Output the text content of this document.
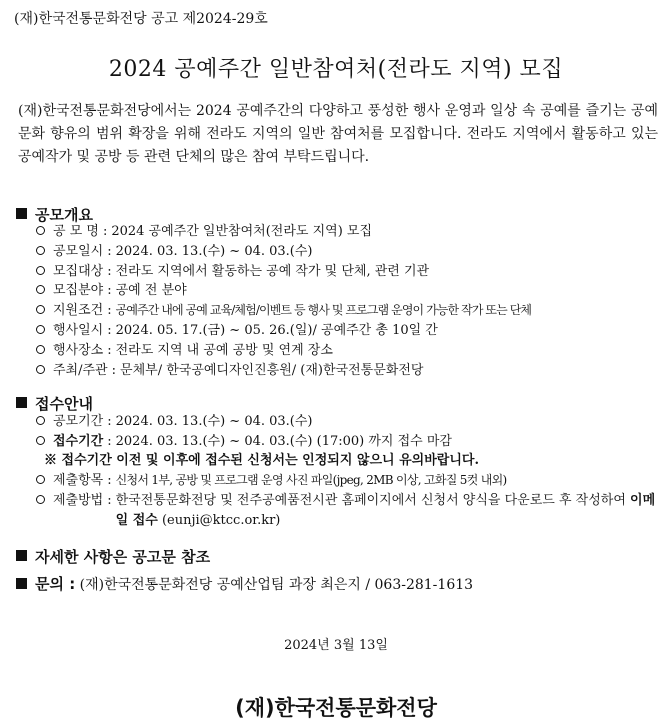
(재)한국전통문화전당 공고 제2024-29호
2024 공예주간 일반참여처(전라도 지역) 모집
(재)한국전통문화전당에서는 2024 공예주간의 다양하고 풍성한 행사 운영과 일상 속 공예를 즐기는 공예문화 향유의 범위 확장을 위해 전라도 지역의 일반 참여처를 모집합니다. 전라도 지역에서 활동하고 있는 공예작가 및 공방 등 관련 단체의 많은 참여 부탁드립니다.
공모개요
공 모 명 : 2024 공예주간 일반참여처(전라도 지역) 모집
공모일시 : 2024. 03. 13.(수) ~ 04. 03.(수)
모집대상 : 전라도 지역에서 활동하는 공예 작가 및 단체, 관련 기관
모집분야 : 공예 전 분야
지원조건 : 공예주간 내에 공예 교육/체험/이벤트 등 행사 및 프로그램 운영이 가능한 작가 또는 단체
행사일시 : 2024. 05. 17.(금) ~ 05. 26.(일)/ 공예주간 총 10일 간
행사장소 : 전라도 지역 내 공예 공방 및 연계 장소
주최/주관 : 문체부/ 한국공예디자인진흥원/ (재)한국전통문화전당
접수안내
공모기간 : 2024. 03. 13.(수) ~ 04. 03.(수)
접수기간 : 2024. 03. 13.(수) ~ 04. 03.(수) (17:00) 까지 접수 마감
※ 접수기간 이전 및 이후에 접수된 신청서는 인정되지 않으니 유의바랍니다.
제출항목 : 신청서 1부, 공방 및 프로그램 운영 사진 파일(jpeg, 2MB 이상, 고화질 5컷 내외)
제출방법 : 한국전통문화전당 및 전주공예품전시관 홈페이지에서 신청서 양식을 다운로드 후 작성하여 이메일 접수 (eunji@ktcc.or.kr)
자세한 사항은 공고문 참조
문의 : (재)한국전통문화전당 공예산업팀 과장 최은지 / 063-281-1613
2024년 3월 13일
(재)한국전통문화전당
